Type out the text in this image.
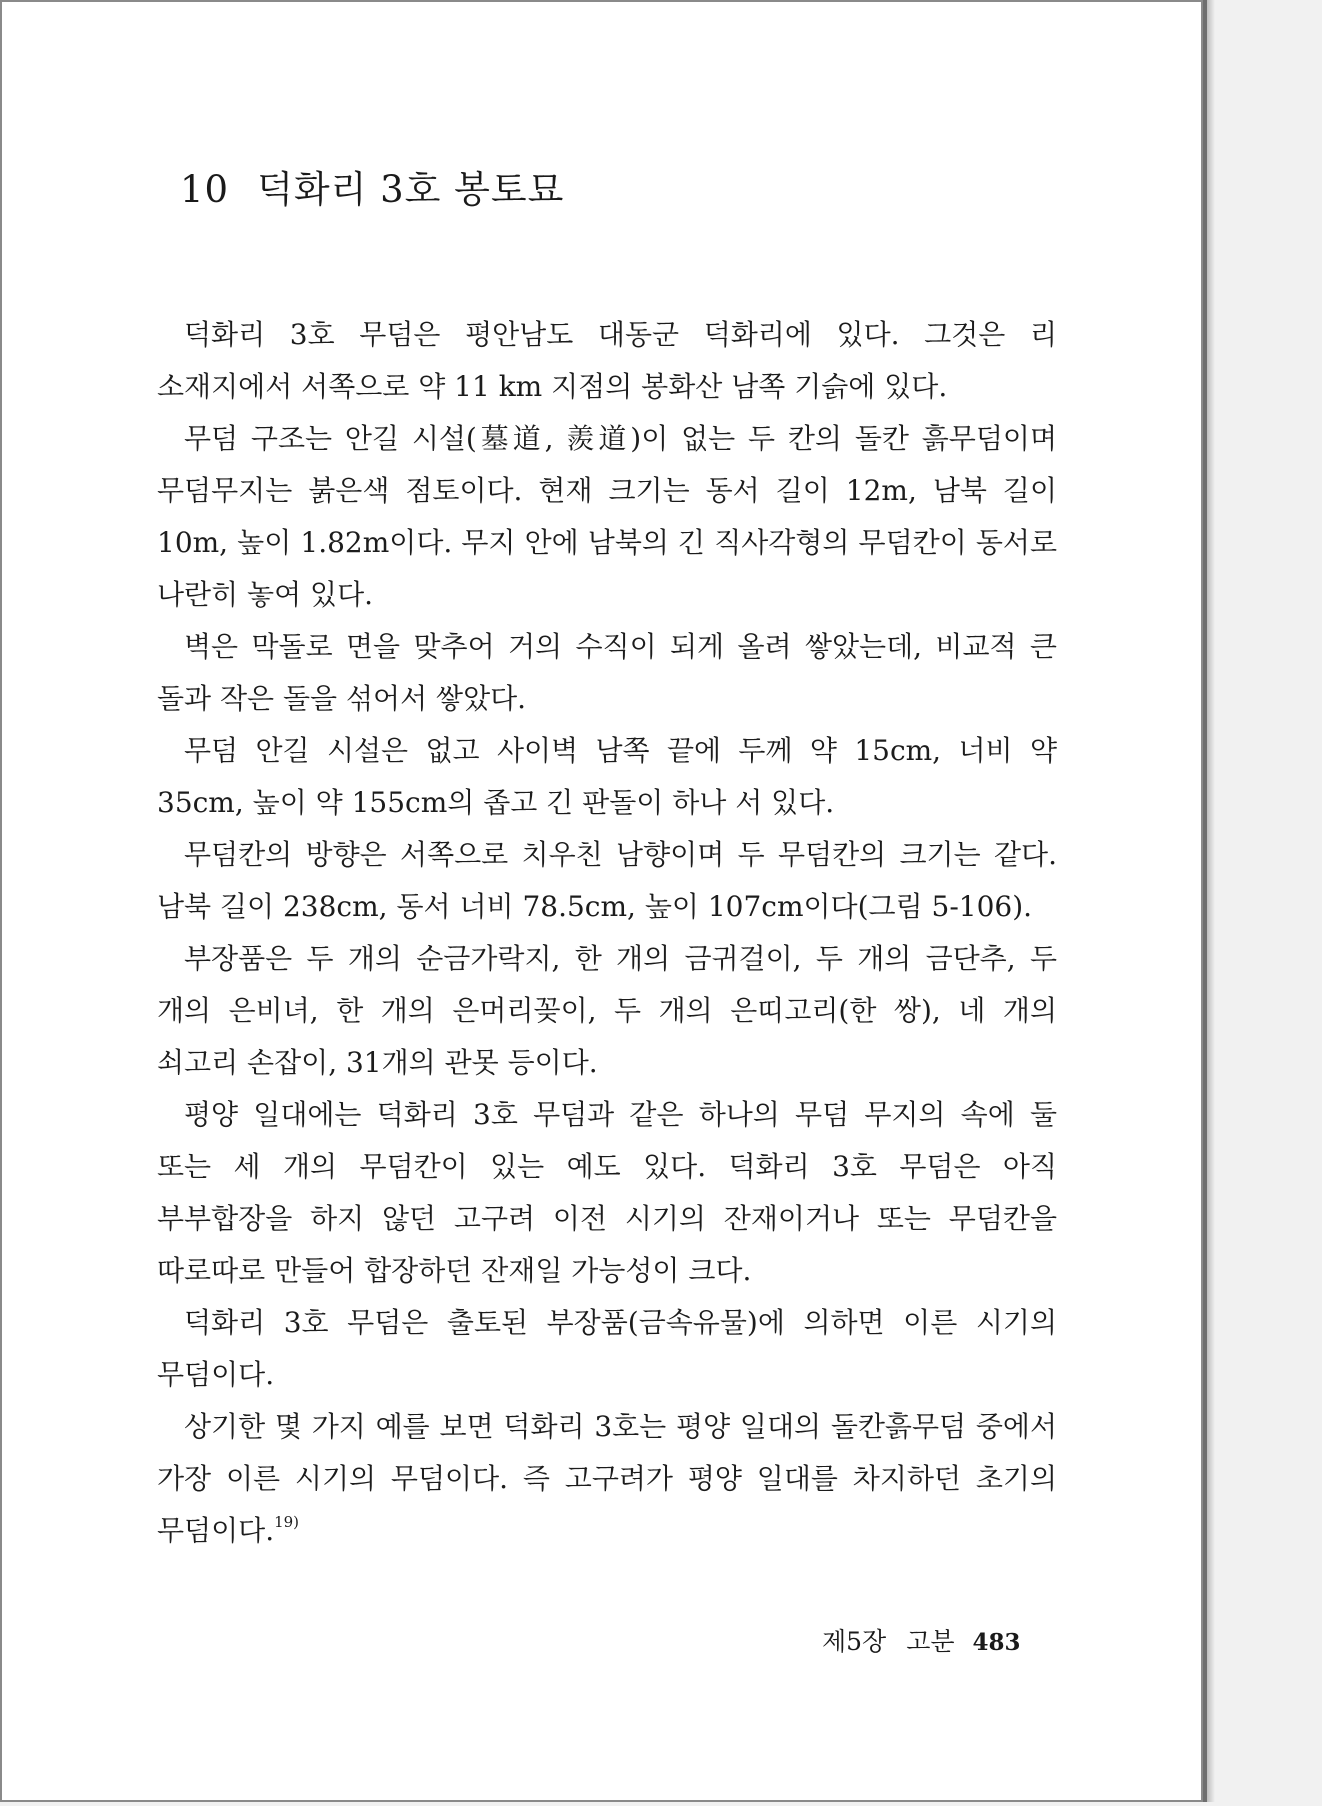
10 덕화리 3호 봉토묘

덕화리 3호 무덤은 평안남도 대동군 덕화리에 있다. 그것은 리 소재지에서 서쪽으로 약 11 km 지점의 봉화산 남쪽 기슭에 있다.

무덤 구조는 안길 시설(墓道, 羨道)이 없는 두 칸의 돌칸 흙무덤이며 무덤무지는 붉은색 점토이다. 현재 크기는 동서 길이 12m, 남북 길이 10m, 높이 1.82m이다. 무지 안에 남북의 긴 직사각형의 무덤칸이 동서로 나란히 놓여 있다.

벽은 막돌로 면을 맞추어 거의 수직이 되게 올려 쌓았는데, 비교적 큰 돌과 작은 돌을 섞어서 쌓았다.

무덤 안길 시설은 없고 사이벽 남쪽 끝에 두께 약 15cm, 너비 약 35cm, 높이 약 155cm의 좁고 긴 판돌이 하나 서 있다.

무덤칸의 방향은 서쪽으로 치우친 남향이며 두 무덤칸의 크기는 같다. 남북 길이 238cm, 동서 너비 78.5cm, 높이 107cm이다(그림 5-106).

부장품은 두 개의 순금가락지, 한 개의 금귀걸이, 두 개의 금단추, 두 개의 은비녀, 한 개의 은머리꽂이, 두 개의 은띠고리(한 쌍), 네 개의 쇠고리 손잡이, 31개의 관못 등이다.

평양 일대에는 덕화리 3호 무덤과 같은 하나의 무덤 무지의 속에 둘 또는 세 개의 무덤칸이 있는 예도 있다. 덕화리 3호 무덤은 아직 부부합장을 하지 않던 고구려 이전 시기의 잔재이거나 또는 무덤칸을 따로따로 만들어 합장하던 잔재일 가능성이 크다.

덕화리 3호 무덤은 출토된 부장품(금속유물)에 의하면 이른 시기의 무덤이다.

상기한 몇 가지 예를 보면 덕화리 3호는 평양 일대의 돌칸흙무덤 중에서 가장 이른 시기의 무덤이다. 즉 고구려가 평양 일대를 차지하던 초기의 무덤이다.$^{19)}$

제5장 고분 483
